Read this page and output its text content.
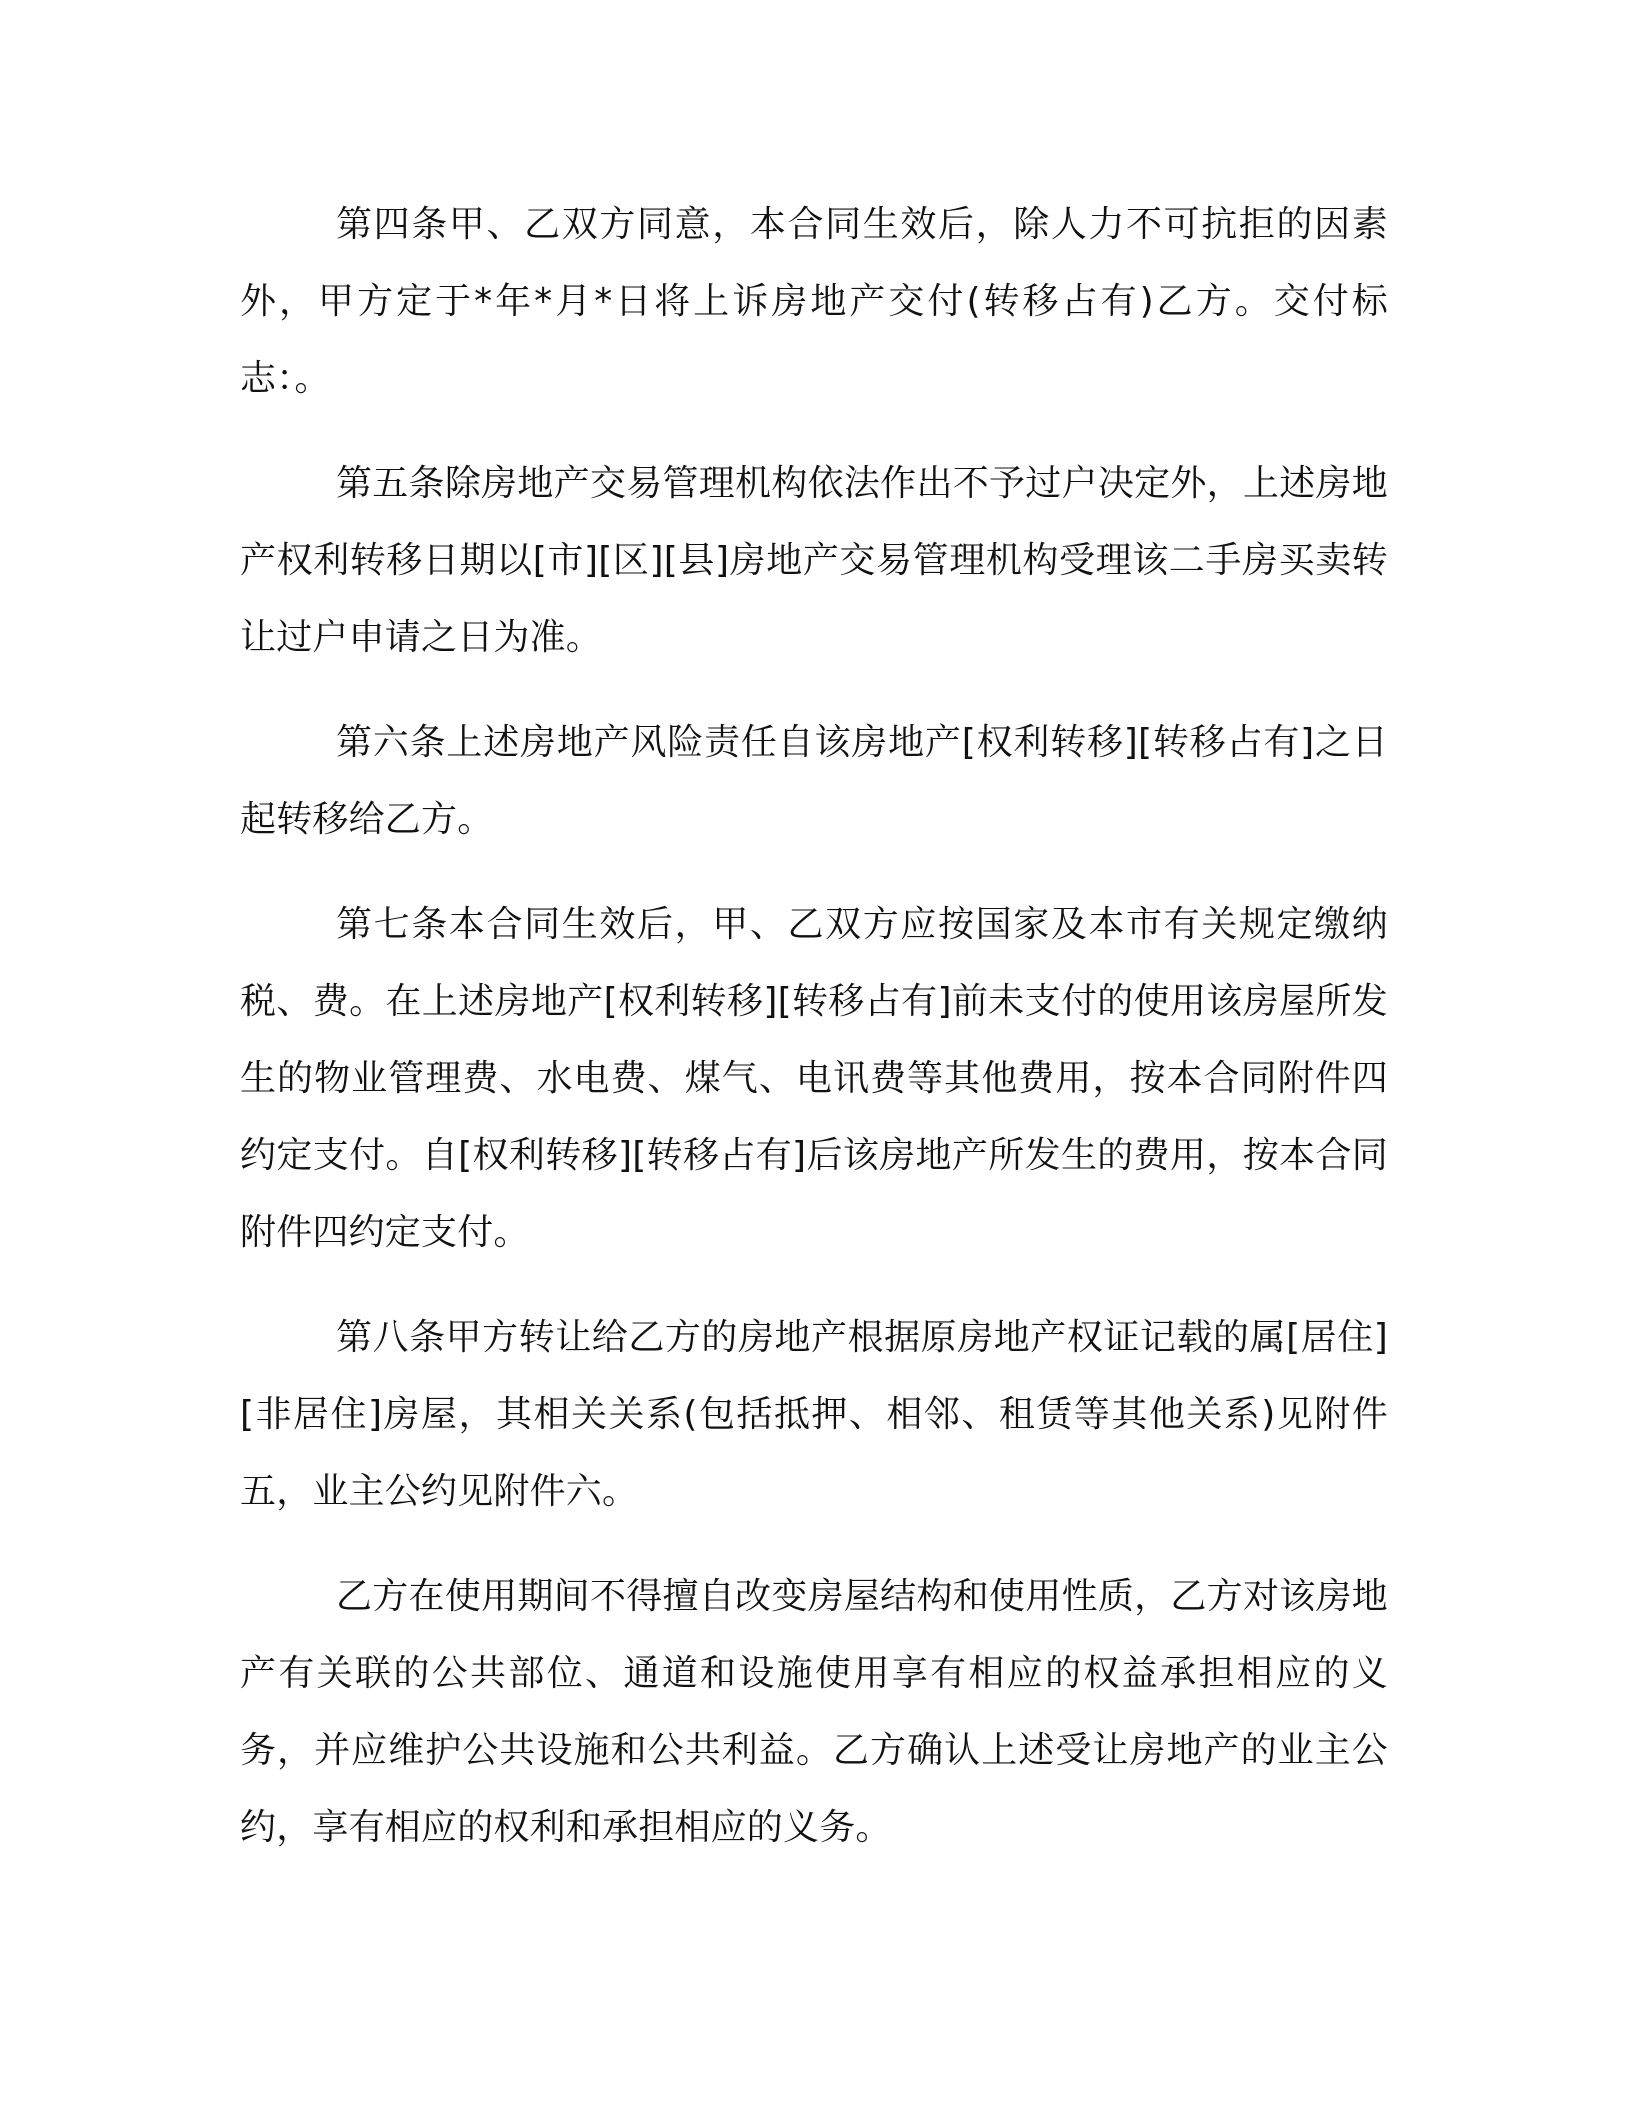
第四条甲、乙双方同意，本合同生效后，除人力不可抗拒的因素外，甲方定于*年*月*日将上诉房地产交付(转移占有)乙方。交付标志：。

第五条除房地产交易管理机构依法作出不予过户决定外，上述房地产权利转移日期以[市][区][县]房地产交易管理机构受理该二手房买卖转让过户申请之日为准。

第六条上述房地产风险责任自该房地产[权利转移][转移占有]之日起转移给乙方。

第七条本合同生效后，甲、乙双方应按国家及本市有关规定缴纳税、费。在上述房地产[权利转移][转移占有]前未支付的使用该房屋所发生的物业管理费、水电费、煤气、电讯费等其他费用，按本合同附件四约定支付。自[权利转移][转移占有]后该房地产所发生的费用，按本合同附件四约定支付。

第八条甲方转让给乙方的房地产根据原房地产权证记载的属[居住][非居住]房屋，其相关关系(包括抵押、相邻、租赁等其他关系)见附件五，业主公约见附件六。

乙方在使用期间不得擅自改变房屋结构和使用性质，乙方对该房地产有关联的公共部位、通道和设施使用享有相应的权益承担相应的义务，并应维护公共设施和公共利益。乙方确认上述受让房地产的业主公约，享有相应的权利和承担相应的义务。
